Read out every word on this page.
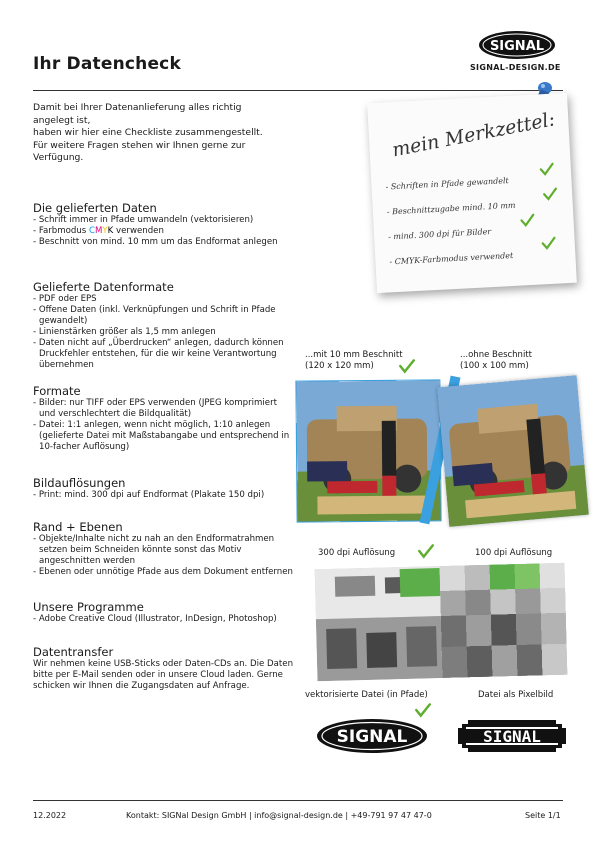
Ihr Datencheck
SIGNAL
SIGNAL-DESIGN.DE
Damit bei Ihrer Datenanlieferung alles richtig
angelegt ist,
haben wir hier eine Checkliste zusammengestellt.
Für weitere Fragen stehen wir Ihnen gerne zur
Verfügung.
Die gelieferten Daten
- Schrift immer in Pfade umwandeln (vektorisieren)
- Farbmodus CMYK verwenden
- Beschnitt von mind. 10 mm um das Endformat anlegen
Gelieferte Datenformate
- PDF oder EPS
- Offene Daten (inkl. Verknüpfungen und Schrift in Pfade gewandelt)
- Linienstärken größer als 1,5 mm anlegen
- Daten nicht auf „Überdrucken“ anlegen, dadurch können Druckfehler entstehen, für die wir keine Verantwortung übernehmen
Formate
- Bilder: nur TIFF oder EPS verwenden (JPEG komprimiert und verschlechtert die Bildqualität)
- Datei: 1:1 anlegen, wenn nicht möglich, 1:10 anlegen (gelieferte Datei mit Maßstabangabe und entsprechend in 10-facher Auflösung)
Bildauflösungen
- Print: mind. 300 dpi auf Endformat (Plakate 150 dpi)
Rand + Ebenen
- Objekte/Inhalte nicht zu nah an den Endformatrahmen setzen beim Schneiden könnte sonst das Motiv angeschnitten werden
- Ebenen oder unnötige Pfade aus dem Dokument entfernen
Unsere Programme
- Adobe Creative Cloud (Illustrator, InDesign, Photoshop)
Datentransfer

Wir nehmen keine USB-Sticks oder Daten-CDs an. Die Daten bitte per E-Mail senden oder in unsere Cloud laden. Gerne schicken wir Ihnen die Zugangsdaten auf Anfrage.

mein Merkzettel:
- Schriften in Pfade gewandelt
- Beschnittzugabe mind. 10 mm
- mind. 300 dpi für Bilder
- CMYK-Farbmodus verwendet
...mit 10 mm Beschnitt
(120 x 120 mm)
...ohne Beschnitt
(100 x 100 mm)
300 dpi Auflösung	100 dpi Auflösung
vektorisierte Datei (in Pfade)	Datei als Pixelbild
SIGNAL	SIGNAL
12.2022	Kontakt: SIGNal Design GmbH | info@signal-design.de | +49-791 97 47 47-0	Seite 1/1
